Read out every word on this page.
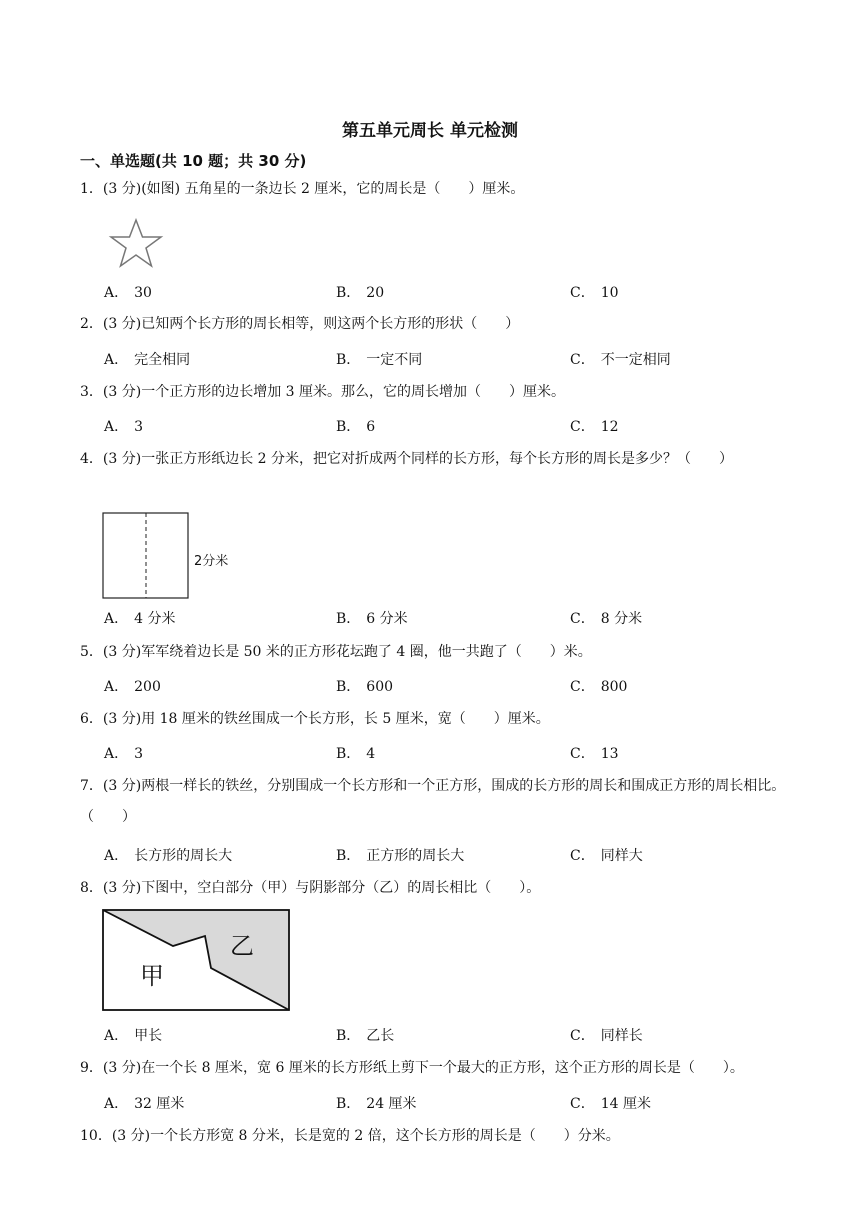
第五单元周长 单元检测
一、单选题(共 10 题；共 30 分)
1．(3 分)(如图) 五角星的一条边长 2 厘米，它的周长是（　　）厘米。
A． 30	B． 20	C． 10
2．(3 分)已知两个长方形的周长相等，则这两个长方形的形状（　　）
A． 完全相同	B． 一定不同	C． 不一定相同
3．(3 分)一个正方形的边长增加 3 厘米。那么，它的周长增加（　　）厘米。
A． 3	B． 6	C． 12
4．(3 分)一张正方形纸边长 2 分米，把它对折成两个同样的长方形，每个长方形的周长是多少？（　　）
2分米
A． 4 分米	B． 6 分米	C． 8 分米
5．(3 分)军军绕着边长是 50 米的正方形花坛跑了 4 圈，他一共跑了（　　）米。
A． 200	B． 600	C． 800
6．(3 分)用 18 厘米的铁丝围成一个长方形，长 5 厘米，宽（　　）厘米。
A． 3	B． 4	C． 13
7．(3 分)两根一样长的铁丝，分别围成一个长方形和一个正方形，围成的长方形的周长和围成正方形的周长相比。（　　）
A． 长方形的周长大	B． 正方形的周长大	C． 同样大
8．(3 分)下图中，空白部分（甲）与阴影部分（乙）的周长相比（　　）。
甲
乙
A． 甲长	B． 乙长	C． 同样长
9．(3 分)在一个长 8 厘米，宽 6 厘米的长方形纸上剪下一个最大的正方形，这个正方形的周长是（　　）。
A． 32 厘米	B． 24 厘米	C． 14 厘米
10．(3 分)一个长方形宽 8 分米，长是宽的 2 倍，这个长方形的周长是（　　）分米。
